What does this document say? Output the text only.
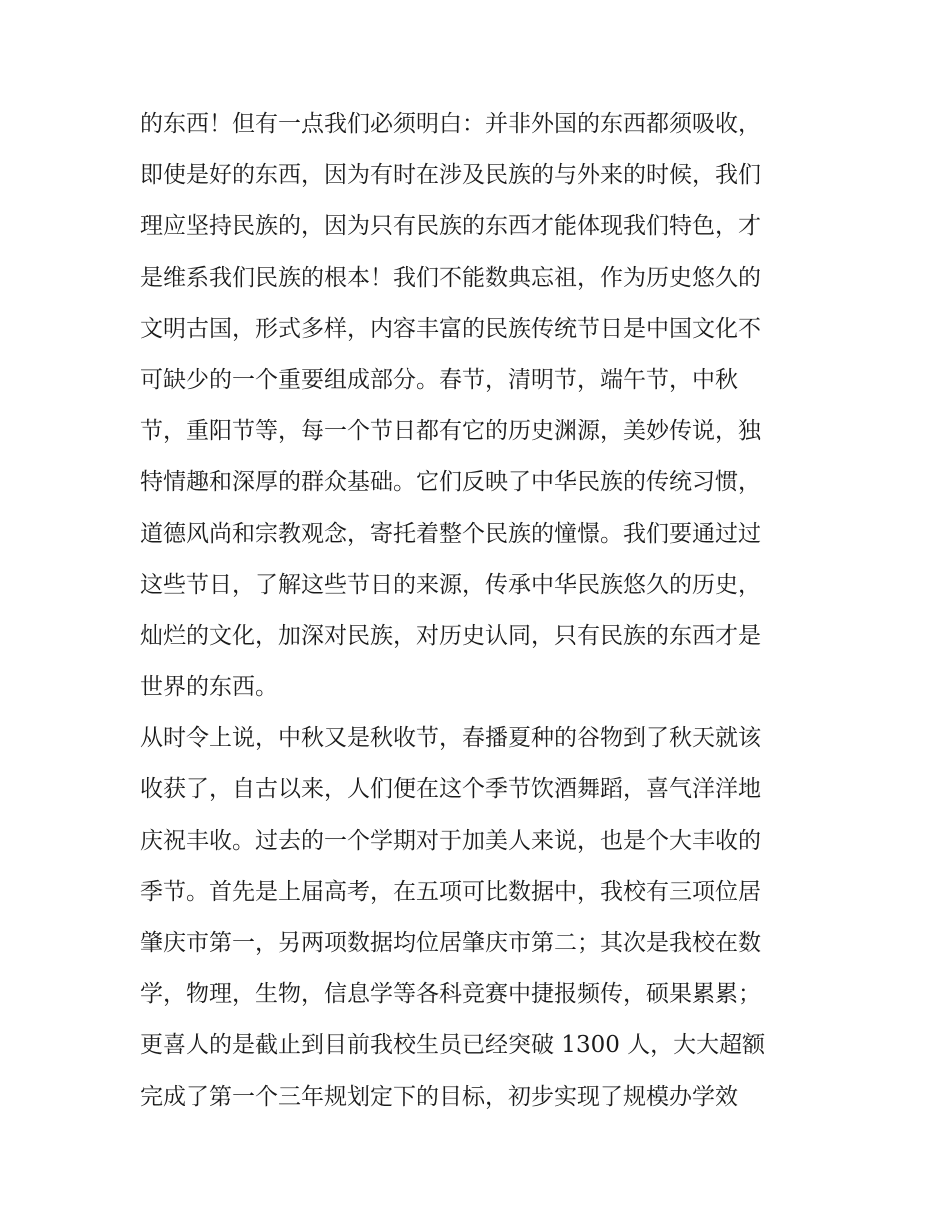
的东西！但有一点我们必须明白：并非外国的东西都须吸收，
即使是好的东西，因为有时在涉及民族的与外来的时候，我们
理应坚持民族的，因为只有民族的东西才能体现我们特色，才
是维系我们民族的根本！我们不能数典忘祖，作为历史悠久的
文明古国，形式多样，内容丰富的民族传统节日是中国文化不
可缺少的一个重要组成部分。春节，清明节，端午节，中秋
节，重阳节等，每一个节日都有它的历史渊源，美妙传说，独
特情趣和深厚的群众基础。它们反映了中华民族的传统习惯，
道德风尚和宗教观念，寄托着整个民族的憧憬。我们要通过过
这些节日，了解这些节日的来源，传承中华民族悠久的历史，
灿烂的文化，加深对民族，对历史认同，只有民族的东西才是
世界的东西。
从时令上说，中秋又是秋收节，春播夏种的谷物到了秋天就该
收获了，自古以来，人们便在这个季节饮酒舞蹈，喜气洋洋地
庆祝丰收。过去的一个学期对于加美人来说，也是个大丰收的
季节。首先是上届高考，在五项可比数据中，我校有三项位居
肇庆市第一，另两项数据均位居肇庆市第二；其次是我校在数
学，物理，生物，信息学等各科竞赛中捷报频传，硕果累累；
更喜人的是截止到目前我校生员已经突破 1300 人，大大超额
完成了第一个三年规划定下的目标，初步实现了规模办学效
